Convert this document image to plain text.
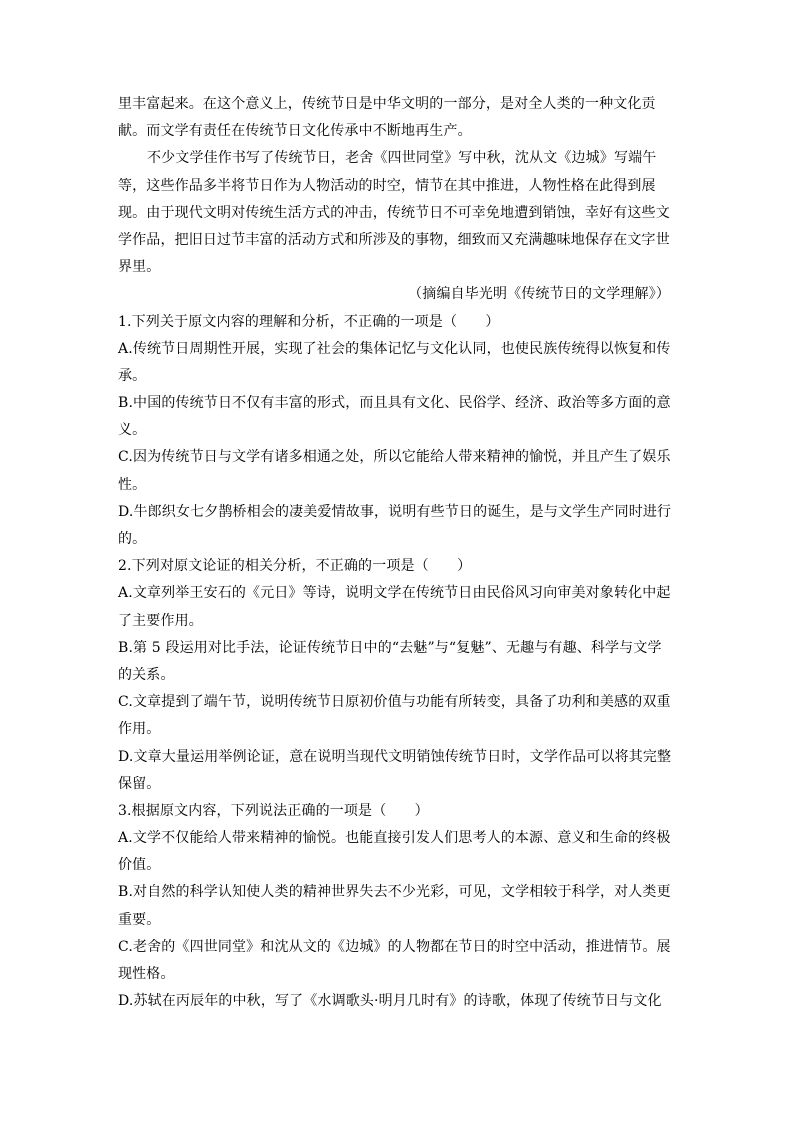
里丰富起来。在这个意义上，传统节日是中华文明的一部分，是对全人类的一种文化贡
献。而文学有责任在传统节日文化传承中不断地再生产。
不少文学佳作书写了传统节日，老舍《四世同堂》写中秋，沈从文《边城》写端午
等，这些作品多半将节日作为人物活动的时空，情节在其中推进，人物性格在此得到展
现。由于现代文明对传统生活方式的冲击，传统节日不可幸免地遭到销蚀，幸好有这些文
学作品，把旧日过节丰富的活动方式和所涉及的事物，细致而又充满趣味地保存在文字世
界里。
（摘编自毕光明《传统节日的文学理解》）
1.下列关于原文内容的理解和分析，不正确的一项是（　　）
A.传统节日周期性开展，实现了社会的集体记忆与文化认同，也使民族传统得以恢复和传
承。
B.中国的传统节日不仅有丰富的形式，而且具有文化、民俗学、经济、政治等多方面的意
义。
C.因为传统节日与文学有诸多相通之处，所以它能给人带来精神的愉悦，并且产生了娱乐
性。
D.牛郎织女七夕鹊桥相会的凄美爱情故事，说明有些节日的诞生，是与文学生产同时进行
的。
2.下列对原文论证的相关分析，不正确的一项是（　　）
A.文章列举王安石的《元日》等诗，说明文学在传统节日由民俗风习向审美对象转化中起
了主要作用。
B.第 5 段运用对比手法，论证传统节日中的“去魅”与“复魅”、无趣与有趣、科学与文学
的关系。
C.文章提到了端午节，说明传统节日原初价值与功能有所转变，具备了功利和美感的双重
作用。
D.文章大量运用举例论证，意在说明当现代文明销蚀传统节日时，文学作品可以将其完整
保留。
3.根据原文内容，下列说法正确的一项是（　　）
A.文学不仅能给人带来精神的愉悦。也能直接引发人们思考人的本源、意义和生命的终极
价值。
B.对自然的科学认知使人类的精神世界失去不少光彩，可见，文学相较于科学，对人类更
重要。
C.老舍的《四世同堂》和沈从文的《边城》的人物都在节日的时空中活动，推进情节。展
现性格。
D.苏轼在丙辰年的中秋，写了《水调歌头·明月几时有》的诗歌，体现了传统节日与文化
